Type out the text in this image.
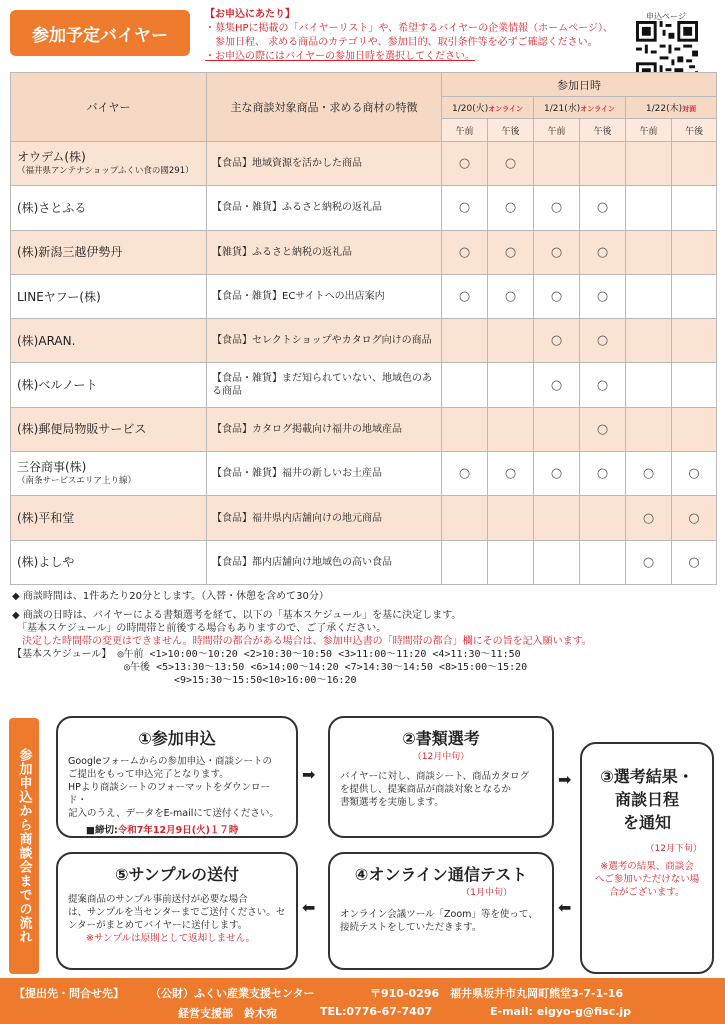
参加予定バイヤー
【お申込にあたり】
・募集HPに掲載の「バイヤーリスト」や、希望するバイヤーの企業情報（ホームページ）、
　参加日程、 求める商品のカテゴリや、参加目的、取引条件等を必ずご確認ください。
・お申込の際にはバイヤーの参加日時を選択してください。
申込ページ
バイヤー	主な商談対象商品・求める商材の特徴	参加日時					
		1/20(火)オンライン		1/21(水)オンライン		1/22(木)対面	
		午前	午後	午前	午後	午前	午後
オウデム(株)
（福井県アンテナショップふくい食の國291）	【食品】地域資源を活かした商品	○	○				
(株)さとふる	【食品・雑貨】ふるさと納税の返礼品	○	○	○	○		
(株)新潟三越伊勢丹	【雑貨】ふるさと納税の返礼品	○	○	○	○		
LINEヤフー(株)	【食品・雑貨】ECサイトへの出店案内	○	○	○	○		
(株)ARAN.	【食品】セレクトショップやカタログ向けの商品			○	○		
(株)ベルノート	【食品・雑貨】まだ知られていない、地域色のある商品			○	○		
(株)郵便局物販サービス	【食品】カタログ掲載向け福井の地域産品				○		
三谷商事(株)
（南条サービスエリア上り線）	【食品・雑貨】福井の新しいお土産品	○	○	○	○	○	○
(株)平和堂	【食品】福井県内店舗向けの地元商品					○	○
(株)よしや	【食品】都内店舗向け地域色の高い食品					○	○
◆ 商談時間は、1件あたり20分とします。（入替・休憩を含めて30分）
◆ 商談の日時は、バイヤーによる書類選考を経て、以下の「基本スケジュール」を基に決定します。
　「基本スケジュール」の時間帯と前後する場合もありますので、ご了承ください。
　決定した時間帯の変更はできません。時間帯の都合がある場合は、参加申込書の「時間帯の都合」欄にその旨を記入願います。
【基本スケジュール】 ◎午前 <1>10:00～10:20 <2>10:30～10:50 <3>11:00～11:20 <4>11:30～11:50
◎午後 <5>13:30～13:50 <6>14:00～14:20 <7>14:30～14:50 <8>15:00～15:20
<9>15:30～15:50<10>16:00～16:20
参加申込から商談会までの流れ
①参加申込

Googleフォームからの参加申込・商談シートの
ご提出をもって申込完了となります。
HPより商談シートのフォーマットをダウンロード・
記入のうえ、データをE-mailにて送付ください。

■締切:令和7年12月9日(火)１７時

➡
②書類選考
（12月中旬）

バイヤーに対し、商談シート、商品カタログ
を提供し、提案商品が商談対象となるか
書類選考を実施します。

➡	③選考結果・
商談日程
を通知
（12月下旬）

※選考の結果、商談会
へご参加いただけない場
合がございます。

⬅
④オンライン通信テスト
（1月中旬）

オンライン会議ツール「Zoom」等を使って、
接続テストをしていただきます。

⬅
⑤サンプルの送付

提案商品のサンプル事前送付が必要な場合
は、サンプルを当センターまでご送付ください。セ
ンターがまとめてバイヤーに送付します。

※サンプルは原則として返却しません。

【提出先・問合せ先】 （公財）ふくい産業支援センター	〒910-0296　福井県坂井市丸岡町熊堂3-7-1-16
経営支援部　鈴木宛	TEL:0776-67-7407	E-mail: eigyo-g@fisc.jp
